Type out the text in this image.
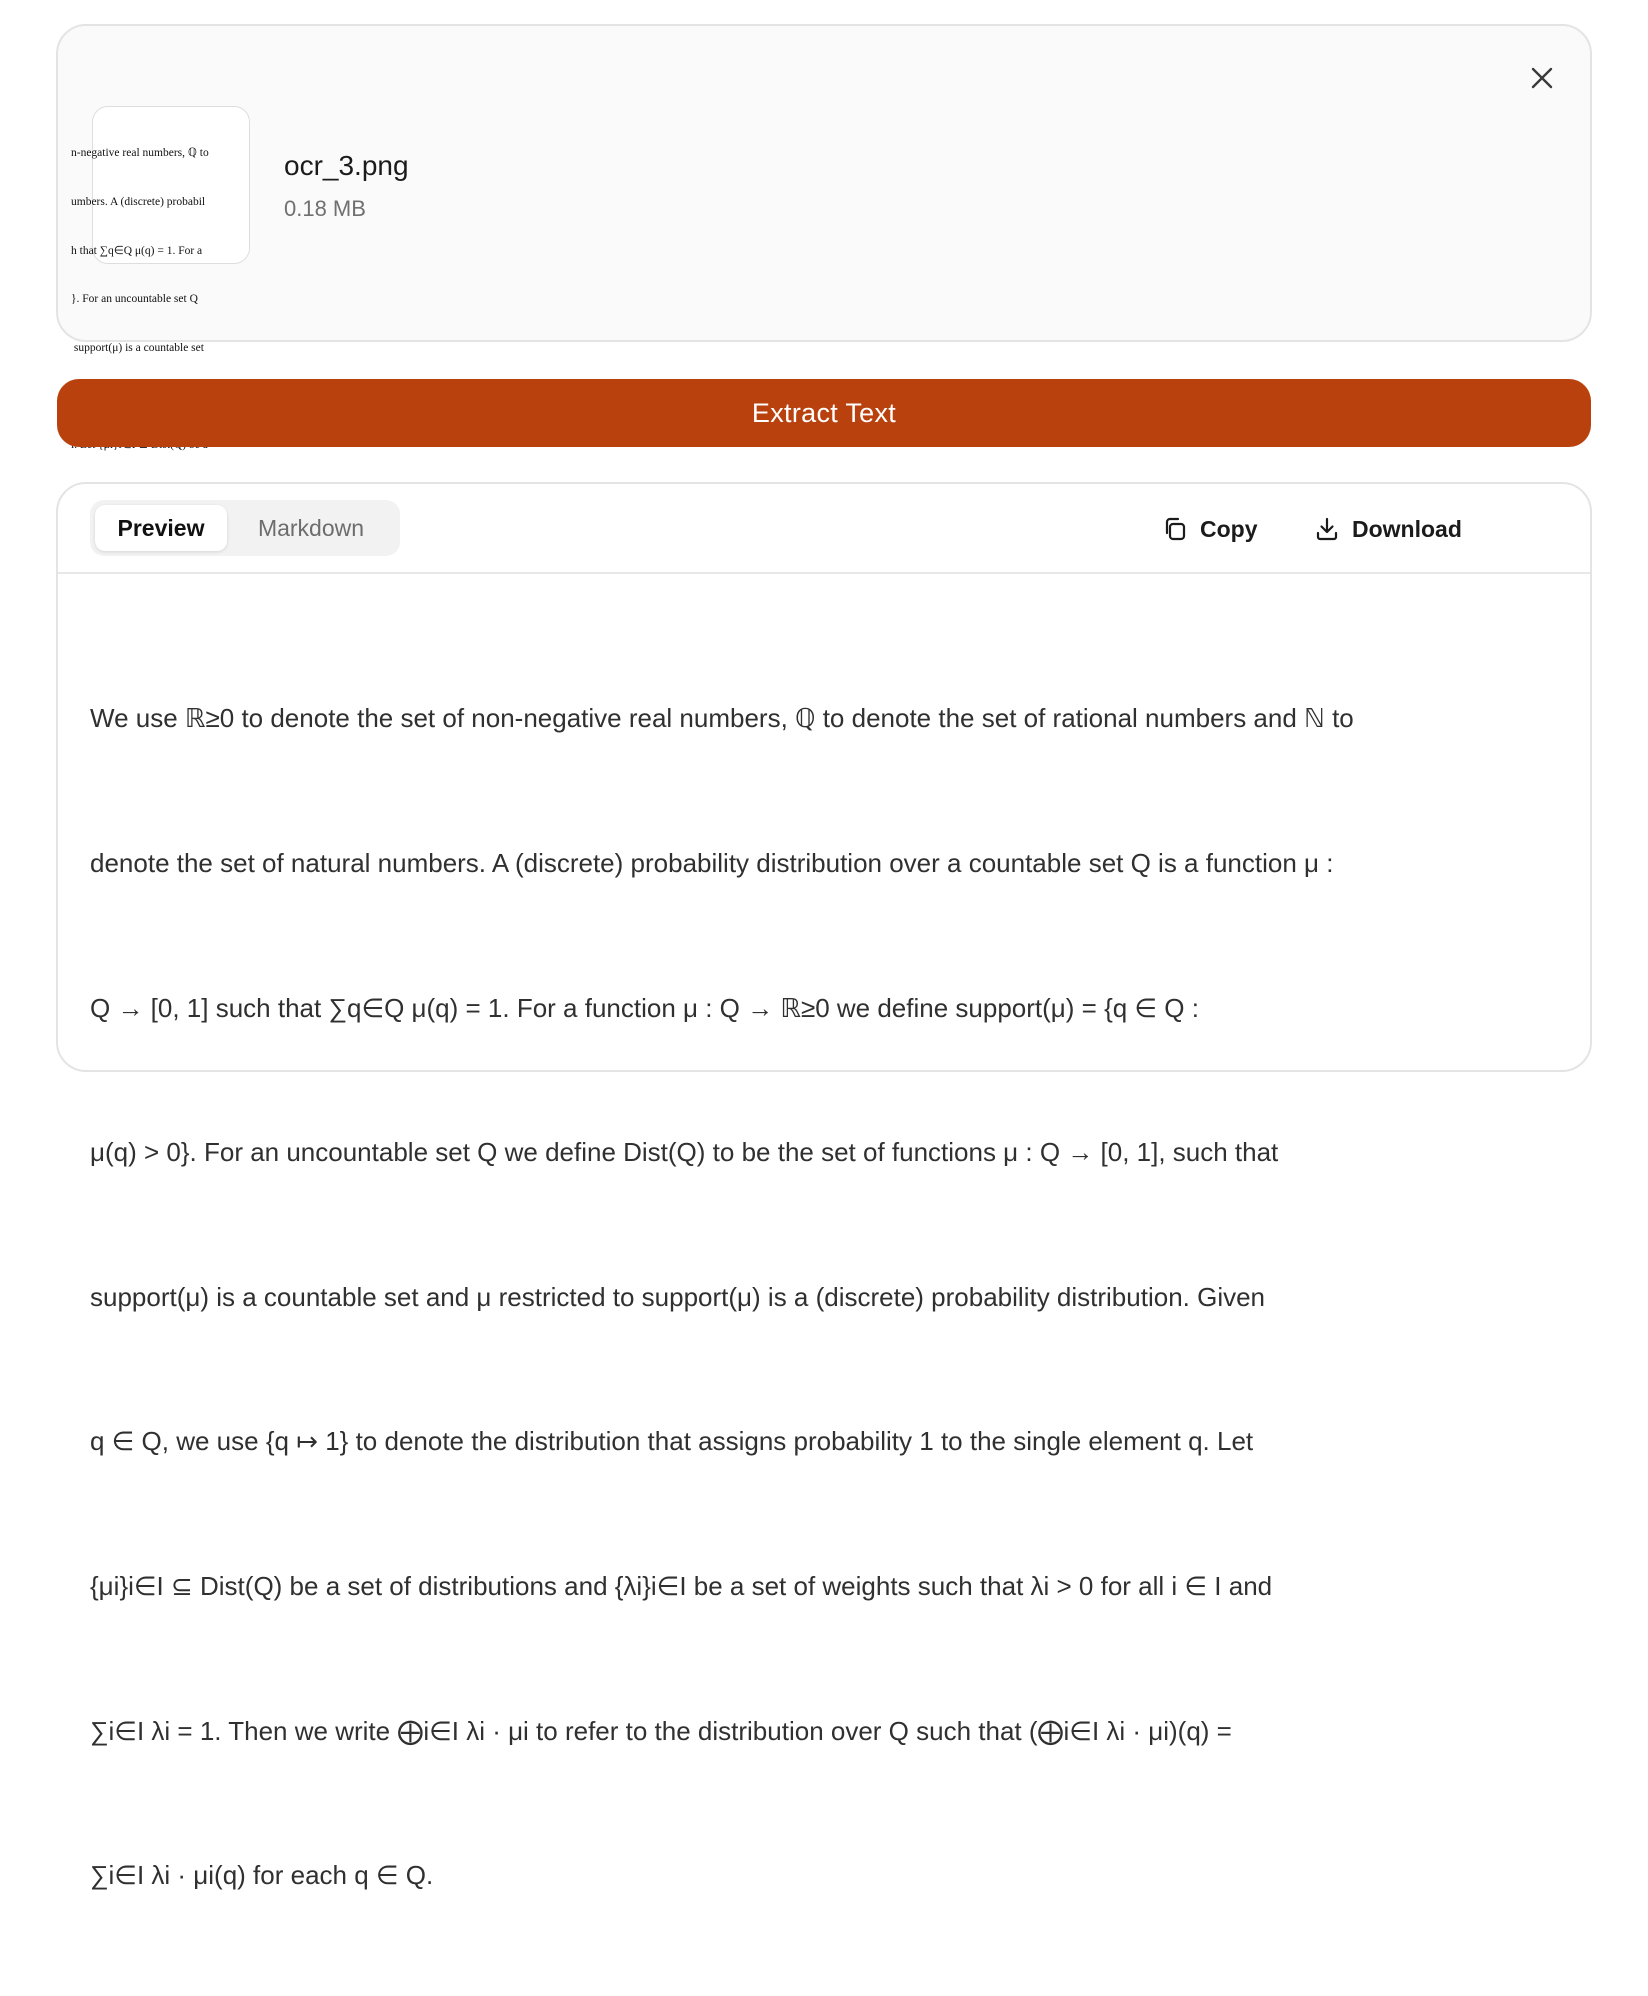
n-negative real numbers, ℚ to

umbers. A (discrete) probabil

h that ∑q∈Q μ(q) = 1. For a

}. For an uncountable set Q

support(μ) is a countable set

ocr_3.png
0.18 MB
Extract Text
Preview	Markdown	Copy	Download

We use ℝ≥0 to denote the set of non-negative real numbers, ℚ to denote the set of rational numbers and ℕ to

denote the set of natural numbers. A (discrete) probability distribution over a countable set Q is a function μ :

Q → [0, 1] such that ∑q∈Q μ(q) = 1. For a function μ : Q → ℝ≥0 we define support(μ) = {q ∈ Q :

μ(q) > 0}. For an uncountable set Q we define Dist(Q) to be the set of functions μ : Q → [0, 1], such that

support(μ) is a countable set and μ restricted to support(μ) is a (discrete) probability distribution. Given

q ∈ Q, we use {q ↦ 1} to denote the distribution that assigns probability 1 to the single element q. Let

{μi}i∈I ⊆ Dist(Q) be a set of distributions and {λi}i∈I be a set of weights such that λi > 0 for all i ∈ I and

∑i∈I λi = 1. Then we write ⨁i∈I λi · μi to refer to the distribution over Q such that (⨁i∈I λi · μi)(q) =

∑i∈I λi · μi(q) for each q ∈ Q.
